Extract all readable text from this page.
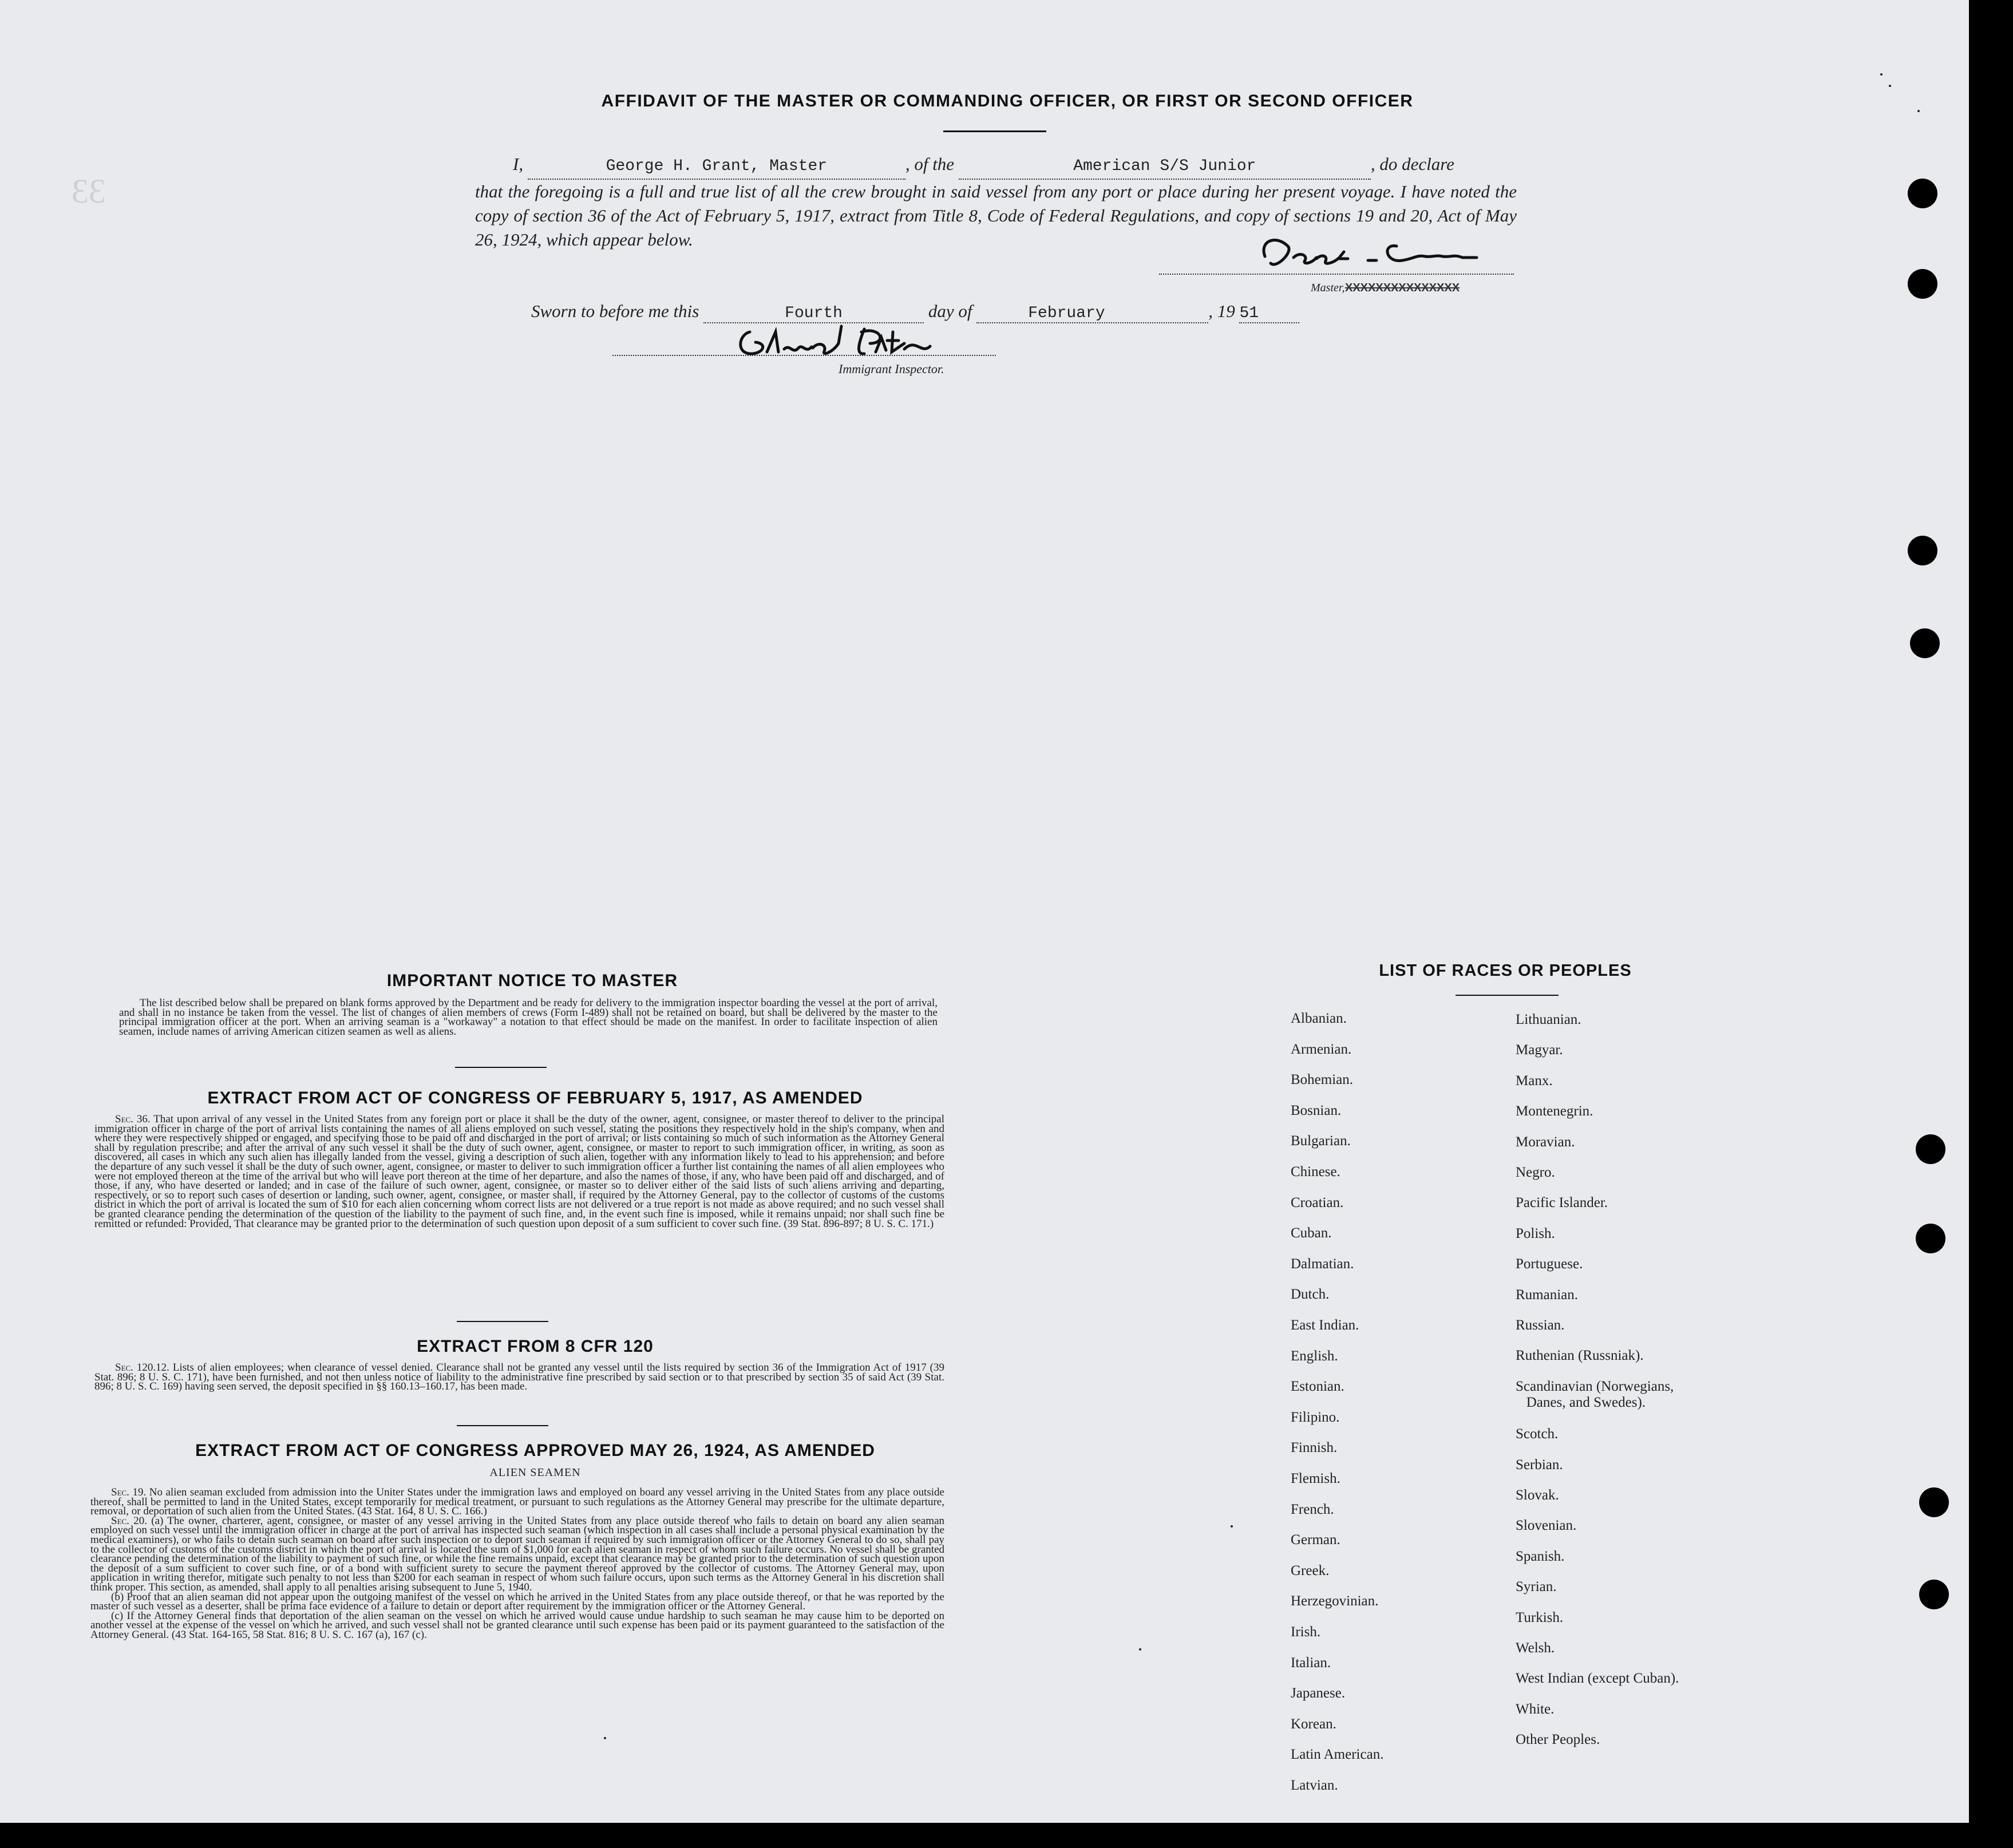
33
AFFIDAVIT OF THE MASTER OR COMMANDING OFFICER, OR FIRST OR SECOND OFFICER
I,	George H. Grant, Master	, of the	American S/S Junior	, do declare
that the foregoing is a full and true list of all the crew brought in said vessel from any port or place during her present voyage. I have noted the copy of section 36 of the Act of February 5, 1917, extract from Title 8, Code of Federal Regulations, and copy of sections 19 and 20, Act of May 26, 1924, which appear below.
Master, XXXXXXXXXXXXXXX
Sworn to before me this	Fourth	day of	February	, 19 51
Immigrant Inspector.
IMPORTANT NOTICE TO MASTER
The list described below shall be prepared on blank forms approved by the Department and be ready for delivery to the immigration inspector boarding the vessel at the port of arrival, and shall in no instance be taken from the vessel. The list of changes of alien members of crews (Form I-489) shall not be retained on board, but shall be delivered by the master to the principal immigration officer at the port. When an arriving seaman is a "workaway" a notation to that effect should be made on the manifest. In order to facilitate inspection of alien seamen, include names of arriving American citizen seamen as well as aliens.
EXTRACT FROM ACT OF CONGRESS OF FEBRUARY 5, 1917, AS AMENDED
Sec. 36. That upon arrival of any vessel in the United States from any foreign port or place it shall be the duty of the owner, agent, consignee, or master thereof to deliver to the principal immigration officer in charge of the port of arrival lists containing the names of all aliens employed on such vessel, stating the positions they respectively hold in the ship's company, when and where they were respectively shipped or engaged, and specifying those to be paid off and discharged in the port of arrival; or lists containing so much of such information as the Attorney General shall by regulation prescribe; and after the arrival of any such vessel it shall be the duty of such owner, agent, consignee, or master to report to such immigration officer, in writing, as soon as discovered, all cases in which any such alien has illegally landed from the vessel, giving a description of such alien, together with any information likely to lead to his apprehension; and before the departure of any such vessel it shall be the duty of such owner, agent, consignee, or master to deliver to such immigration officer a further list containing the names of all alien employees who were not employed thereon at the time of the arrival but who will leave port thereon at the time of her departure, and also the names of those, if any, who have been paid off and discharged, and of those, if any, who have deserted or landed; and in case of the failure of such owner, agent, consignee, or master so to deliver either of the said lists of such aliens arriving and departing, respectively, or so to report such cases of desertion or landing, such owner, agent, consignee, or master shall, if required by the Attorney General, pay to the collector of customs of the customs district in which the port of arrival is located the sum of $10 for each alien concerning whom correct lists are not delivered or a true report is not made as above required; and no such vessel shall be granted clearance pending the determination of the question of the liability to the payment of such fine, and, in the event such fine is imposed, while it remains unpaid; nor shall such fine be remitted or refunded: Provided, That clearance may be granted prior to the determination of such question upon deposit of a sum sufficient to cover such fine. (39 Stat. 896-897; 8 U. S. C. 171.)
EXTRACT FROM 8 CFR 120
Sec. 120.12. Lists of alien employees; when clearance of vessel denied. Clearance shall not be granted any vessel until the lists required by section 36 of the Immigration Act of 1917 (39 Stat. 896; 8 U. S. C. 171), have been furnished, and not then unless notice of liability to the administrative fine prescribed by said section or to that prescribed by section 35 of said Act (39 Stat. 896; 8 U. S. C. 169) having seen served, the deposit specified in §§ 160.13–160.17, has been made.
EXTRACT FROM ACT OF CONGRESS APPROVED MAY 26, 1924, AS AMENDED
ALIEN SEAMEN
Sec. 19. No alien seaman excluded from admission into the Uniter States under the immigration laws and employed on board any vessel arriving in the United States from any place outside thereof, shall be permitted to land in the United States, except temporarily for medical treatment, or pursuant to such regulations as the Attorney General may prescribe for the ultimate departure, removal, or deportation of such alien from the United States. (43 Stat. 164, 8 U. S. C. 166.)
Sec. 20. (a) The owner, charterer, agent, consignee, or master of any vessel arriving in the United States from any place outside thereof who fails to detain on board any alien seaman employed on such vessel until the immigration officer in charge at the port of arrival has inspected such seaman (which inspection in all cases shall include a personal physical examination by the medical examiners), or who fails to detain such seaman on board after such inspection or to deport such seaman if required by such immigration officer or the Attorney General to do so, shall pay to the collector of customs of the customs district in which the port of arrival is located the sum of $1,000 for each alien seaman in respect of whom such failure occurs. No vessel shall be granted clearance pending the determination of the liability to payment of such fine, or while the fine remains unpaid, except that clearance may be granted prior to the determination of such question upon the deposit of a sum sufficient to cover such fine, or of a bond with sufficient surety to secure the payment thereof approved by the collector of customs. The Attorney General may, upon application in writing therefor, mitigate such penalty to not less than $200 for each seaman in respect of whom such failure occurs, upon such terms as the Attorney General in his discretion shall think proper. This section, as amended, shall apply to all penalties arising subsequent to June 5, 1940.
(b) Proof that an alien seaman did not appear upon the outgoing manifest of the vessel on which he arrived in the United States from any place outside thereof, or that he was reported by the master of such vessel as a deserter, shall be prima face evidence of a failure to detain or deport after requirement by the immigration officer or the Attorney General.
(c) If the Attorney General finds that deportation of the alien seaman on the vessel on which he arrived would cause undue hardship to such seaman he may cause him to be deported on another vessel at the expense of the vessel on which he arrived, and such vessel shall not be granted clearance until such expense has been paid or its payment guaranteed to the satisfaction of the Attorney General. (43 Stat. 164-165, 58 Stat. 816; 8 U. S. C. 167 (a), 167 (c).
LIST OF RACES OR PEOPLES
Albanian.
Armenian.
Bohemian.
Bosnian.
Bulgarian.
Chinese.
Croatian.
Cuban.
Dalmatian.
Dutch.
East Indian.
English.
Estonian.
Filipino.
Finnish.
Flemish.
French.
German.
Greek.
Herzegovinian.
Irish.
Italian.
Japanese.
Korean.
Latin American.
Latvian.
Lithuanian.
Magyar.
Manx.
Montenegrin.
Moravian.
Negro.
Pacific Islander.
Polish.
Portuguese.
Rumanian.
Russian.
Ruthenian (Russniak).
Scandinavian (Norwegians,
Danes, and Swedes).
Scotch.
Serbian.
Slovak.
Slovenian.
Spanish.
Syrian.
Turkish.
Welsh.
West Indian (except Cuban).
White.
Other Peoples.
